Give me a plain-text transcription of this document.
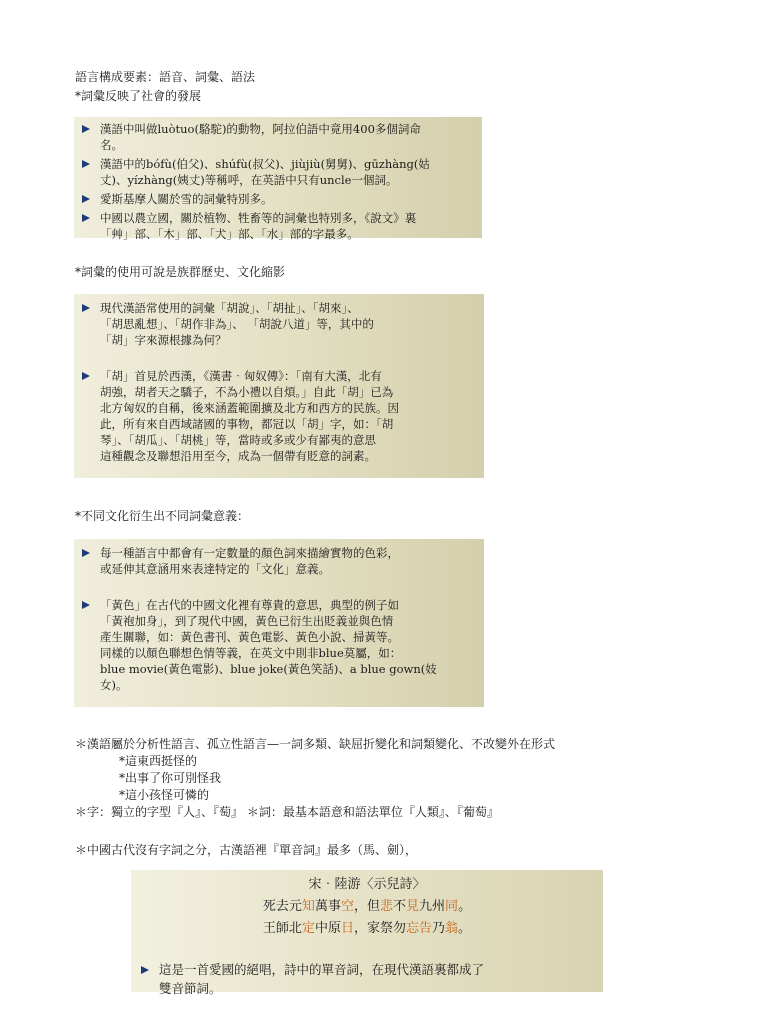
語言構成要素：語音、詞彙、語法
*詞彙反映了社會的發展
漢語中叫做luòtuo(駱駝)的動物，阿拉伯語中竟用400多個詞命
名。
漢語中的bófù(伯父)、shúfù(叔父)、jiùjiù(舅舅)、gūzhàng(姑
丈)、yízhàng(姨丈)等稱呼，在英語中只有uncle一個詞。
愛斯基摩人關於雪的詞彙特別多。
中國以農立國，關於植物、牲畜等的詞彙也特別多，《說文》裏
「艸」部、「木」部、「犬」部、「水」部的字最多。
*詞彙的使用可說是族群歷史、文化縮影
現代漢語常使用的詞彙「胡說」、「胡扯」、「胡來」、
「胡思亂想」、「胡作非為」、 「胡說八道」等，其中的
「胡」字來源根據為何？
「胡」首見於西漢，《漢書‧匈奴傳》：「南有大漢，北有
胡強，胡者天之驕子，不為小禮以自煩。」自此「胡」已為
北方匈奴的自稱，後來涵蓋範圍擴及北方和西方的民族。因
此，所有來自西域諸國的事物，都冠以「胡」字，如：「胡
琴」、「胡瓜」、「胡桃」等，當時或多或少有鄙夷的意思
這種觀念及聯想沿用至今，成為一個帶有貶意的詞素。
*不同文化衍生出不同詞彙意義：
每一種語言中都會有一定數量的顏色詞來描繪實物的色彩，
或延伸其意涵用來表達特定的「文化」意義。
「黃色」在古代的中國文化裡有尊貴的意思，典型的例子如
「黃袍加身」，到了現代中國，黃色已衍生出貶義並與色情
產生關聯，如：黃色書刊、黃色電影、黃色小說、掃黃等。
同樣的以顏色聯想色情等義，在英文中則非blue莫屬，如：
blue movie(黃色電影)、blue joke(黃色笑話)、a blue gown(妓
女)。
＊漢語屬於分析性語言、孤立性語言—一詞多類、缺屈折變化和詞類變化、不改變外在形式
*這東西挺怪的
*出事了你可別怪我
*這小孩怪可憐的
＊字：獨立的字型『人』、『萄』 ＊詞：最基本語意和語法單位『人類』、『葡萄』
＊中國古代沒有字詞之分，古漢語裡『單音詞』最多（馬、劍），
宋‧陸游〈示兒詩〉
死去元知萬事空，但悲不見九州同。
王師北定中原日，家祭勿忘告乃翁。
這是一首愛國的絕唱，詩中的單音詞，在現代漢語裏都成了
雙音節詞。
